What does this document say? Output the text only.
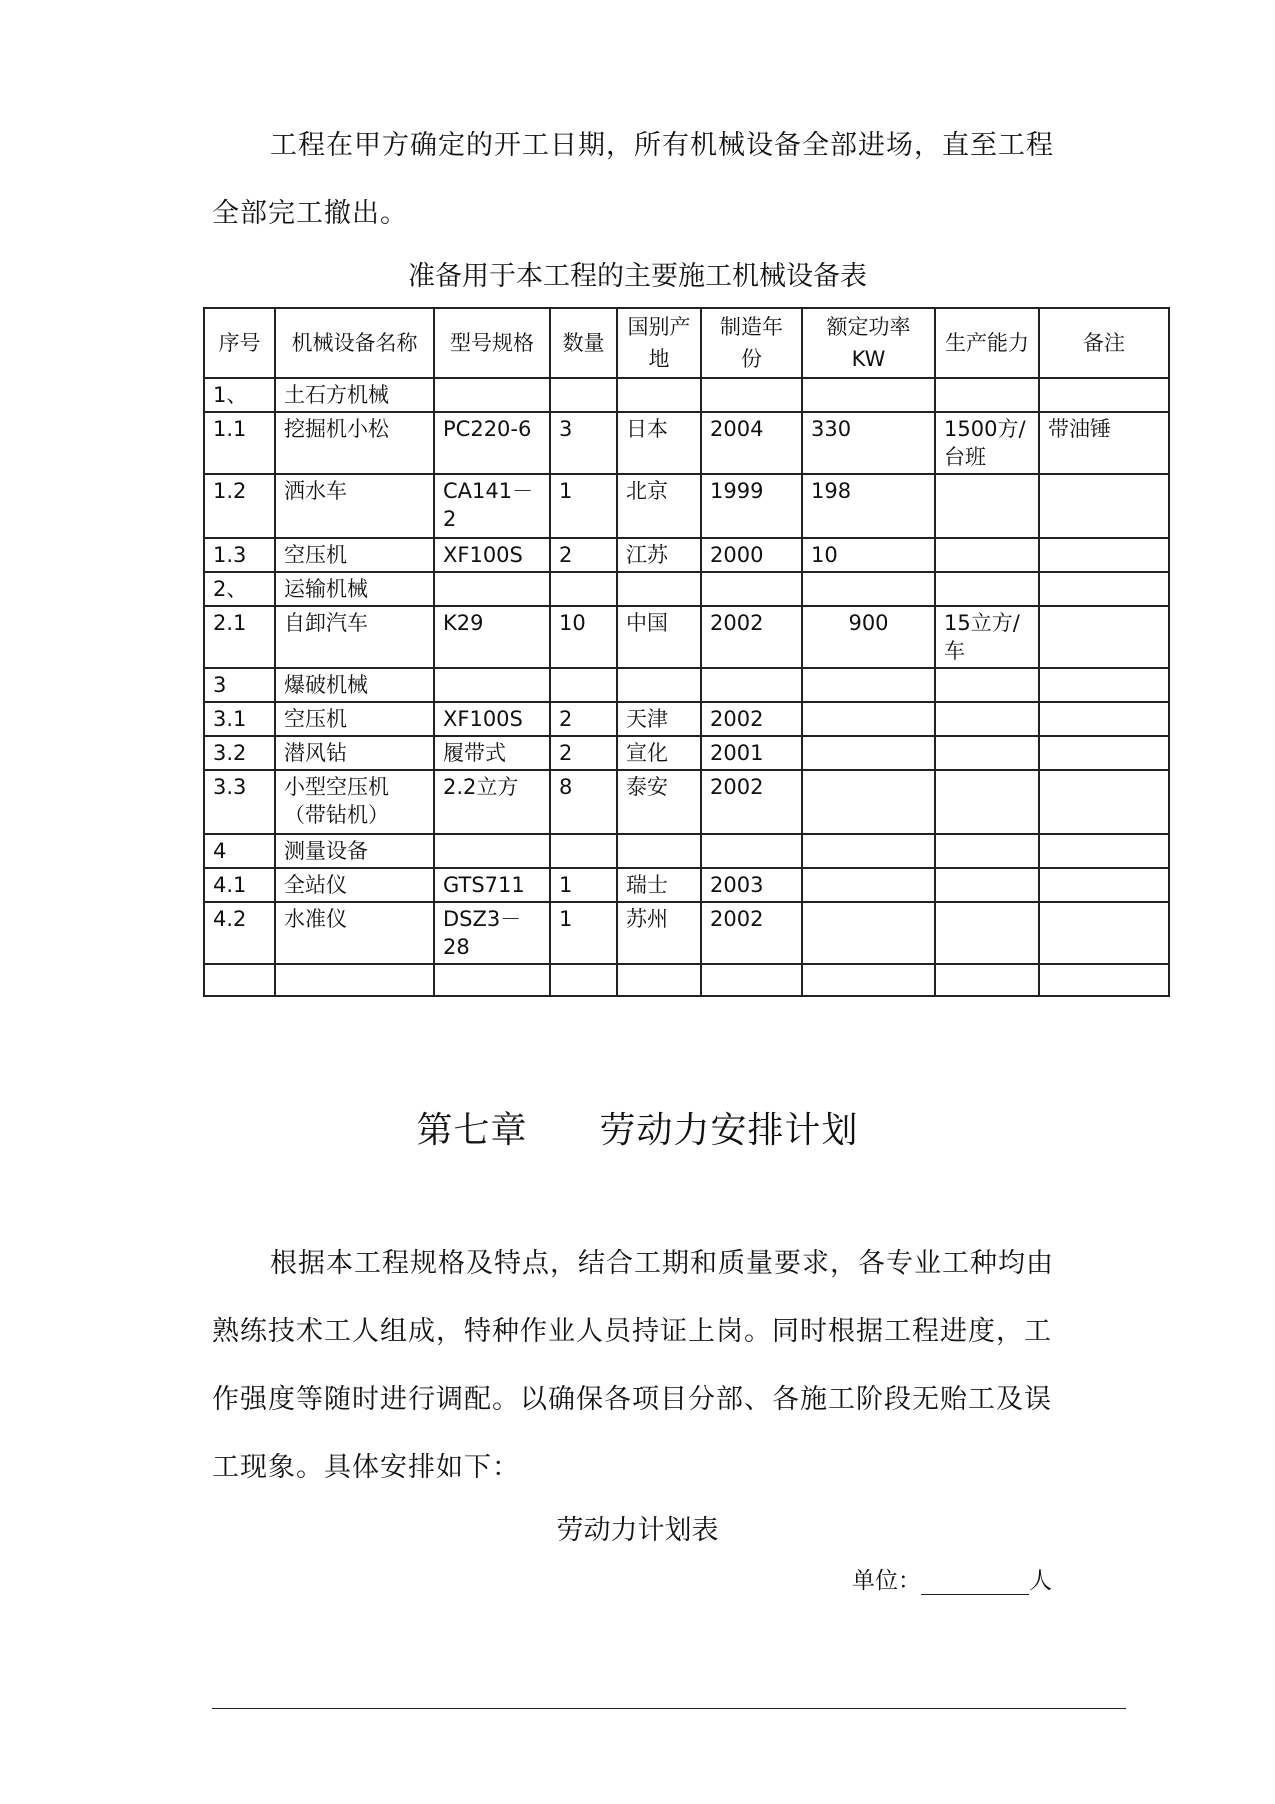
工程在甲方确定的开工日期，所有机械设备全部进场，直至工程全部完工撤出。

准备用于本工程的主要施工机械设备表
序号	机械设备名称	型号规格	数量	国别产地	制造年份	额定功率KW	生产能力	备注
1、	土石方机械							
1.1	挖掘机小松	PC220-6	3	日本	2004	330	1500方/台班	带油锤
1.2	洒水车	CA141－2	1	北京	1999	198		
1.3	空压机	XF100S	2	江苏	2000	10		
2、	运输机械							
2.1	自卸汽车	K29	10	中国	2002	900	15立方/车	
3	爆破机械							
3.1	空压机	XF100S	2	天津	2002			
3.2	潜风钻	履带式	2	宣化	2001			
3.3	小型空压机（带钻机）	2.2立方	8	泰安	2002			
4	测量设备							
4.1	全站仪	GTS711	1	瑞士	2003			
4.2	水准仪	DSZ3－28	1	苏州	2002			

第七章 劳动力安排计划

根据本工程规格及特点，结合工期和质量要求，各专业工种均由熟练技术工人组成，特种作业人员持证上岗。同时根据工程进度，工作强度等随时进行调配。以确保各项目分部、各施工阶段无贻工及误工现象。具体安排如下：

劳动力计划表
单位：	人
